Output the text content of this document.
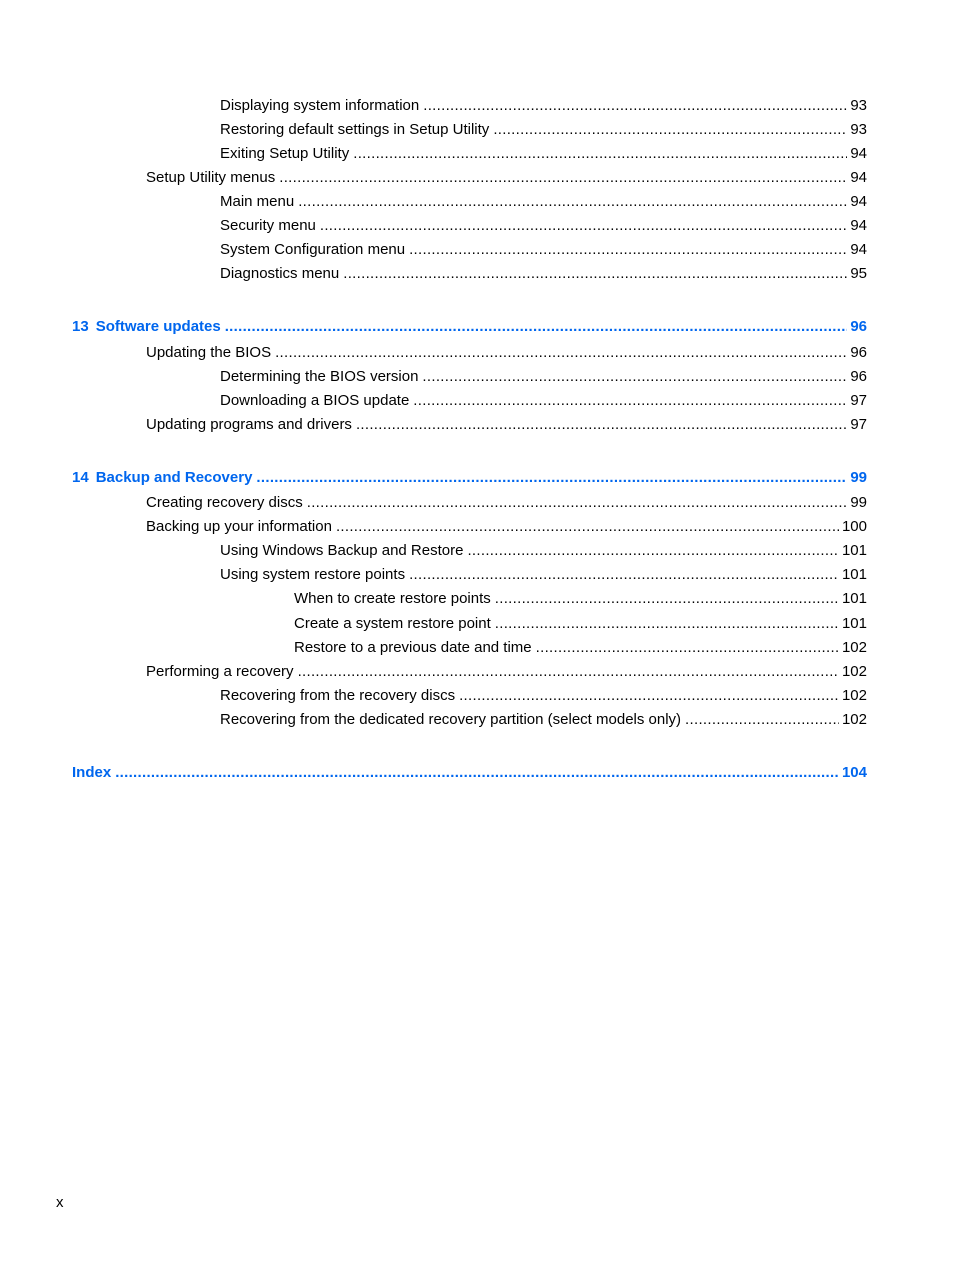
Displaying system information .....	93
Restoring default settings in Setup Utility .....	93
Exiting Setup Utility .....	94
Setup Utility menus .....	94
Main menu .....	94
Security menu .....	94
System Configuration menu .....	94
Diagnostics menu .....	95
13 Software updates .....	96
Updating the BIOS .....	96
Determining the BIOS version .....	96
Downloading a BIOS update .....	97
Updating programs and drivers .....	97
14 Backup and Recovery .....	99
Creating recovery discs .....	99
Backing up your information .....	100
Using Windows Backup and Restore .....	101
Using system restore points .....	101
When to create restore points .....	101
Create a system restore point .....	101
Restore to a previous date and time .....	102
Performing a recovery .....	102
Recovering from the recovery discs .....	102
Recovering from the dedicated recovery partition (select models only) .....	102
Index .....	104
x
